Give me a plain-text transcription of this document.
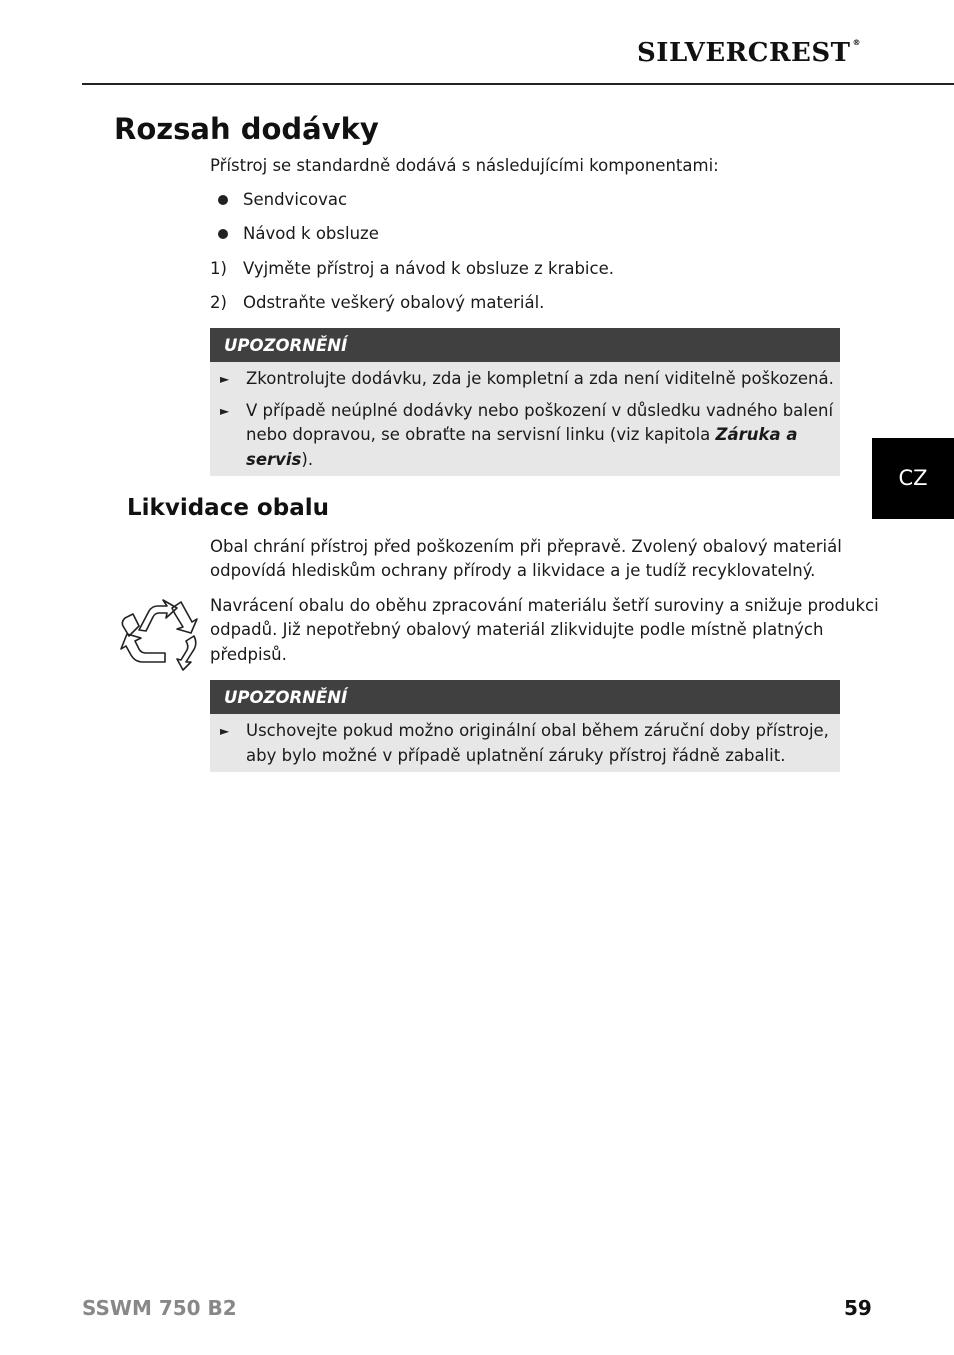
SILVERCREST ®
Rozsah dodávky
Přístroj se standardně dodává s následujícími komponentami:
Sendvicovac
Návod k obsluze
1) Vyjměte přístroj a návod k obsluze z krabice.
2) Odstraňte veškerý obalový materiál.
UPOZORNĚNÍ
► Zkontrolujte dodávku, zda je kompletní a zda není viditelně poškozená.
► V případě neúplné dodávky nebo poškození v důsledku vadného balení
nebo dopravou, se obraťte na servisní linku (viz kapitola Záruka a
servis).
CZ
Likvidace obalu
Obal chrání přístroj před poškozením při přepravě. Zvolený obalový materiál
odpovídá hlediskům ochrany přírody a likvidace a je tudíž recyklovatelný.
Navrácení obalu do oběhu zpracování materiálu šetří suroviny a snižuje produkci
odpadů. Již nepotřebný obalový materiál zlikvidujte podle místně platných
předpisů.
UPOZORNĚNÍ
► Uschovejte pokud možno originální obal během záruční doby přístroje,
aby bylo možné v případě uplatnění záruky přístroj řádně zabalit.
SSWM 750 B2	59
